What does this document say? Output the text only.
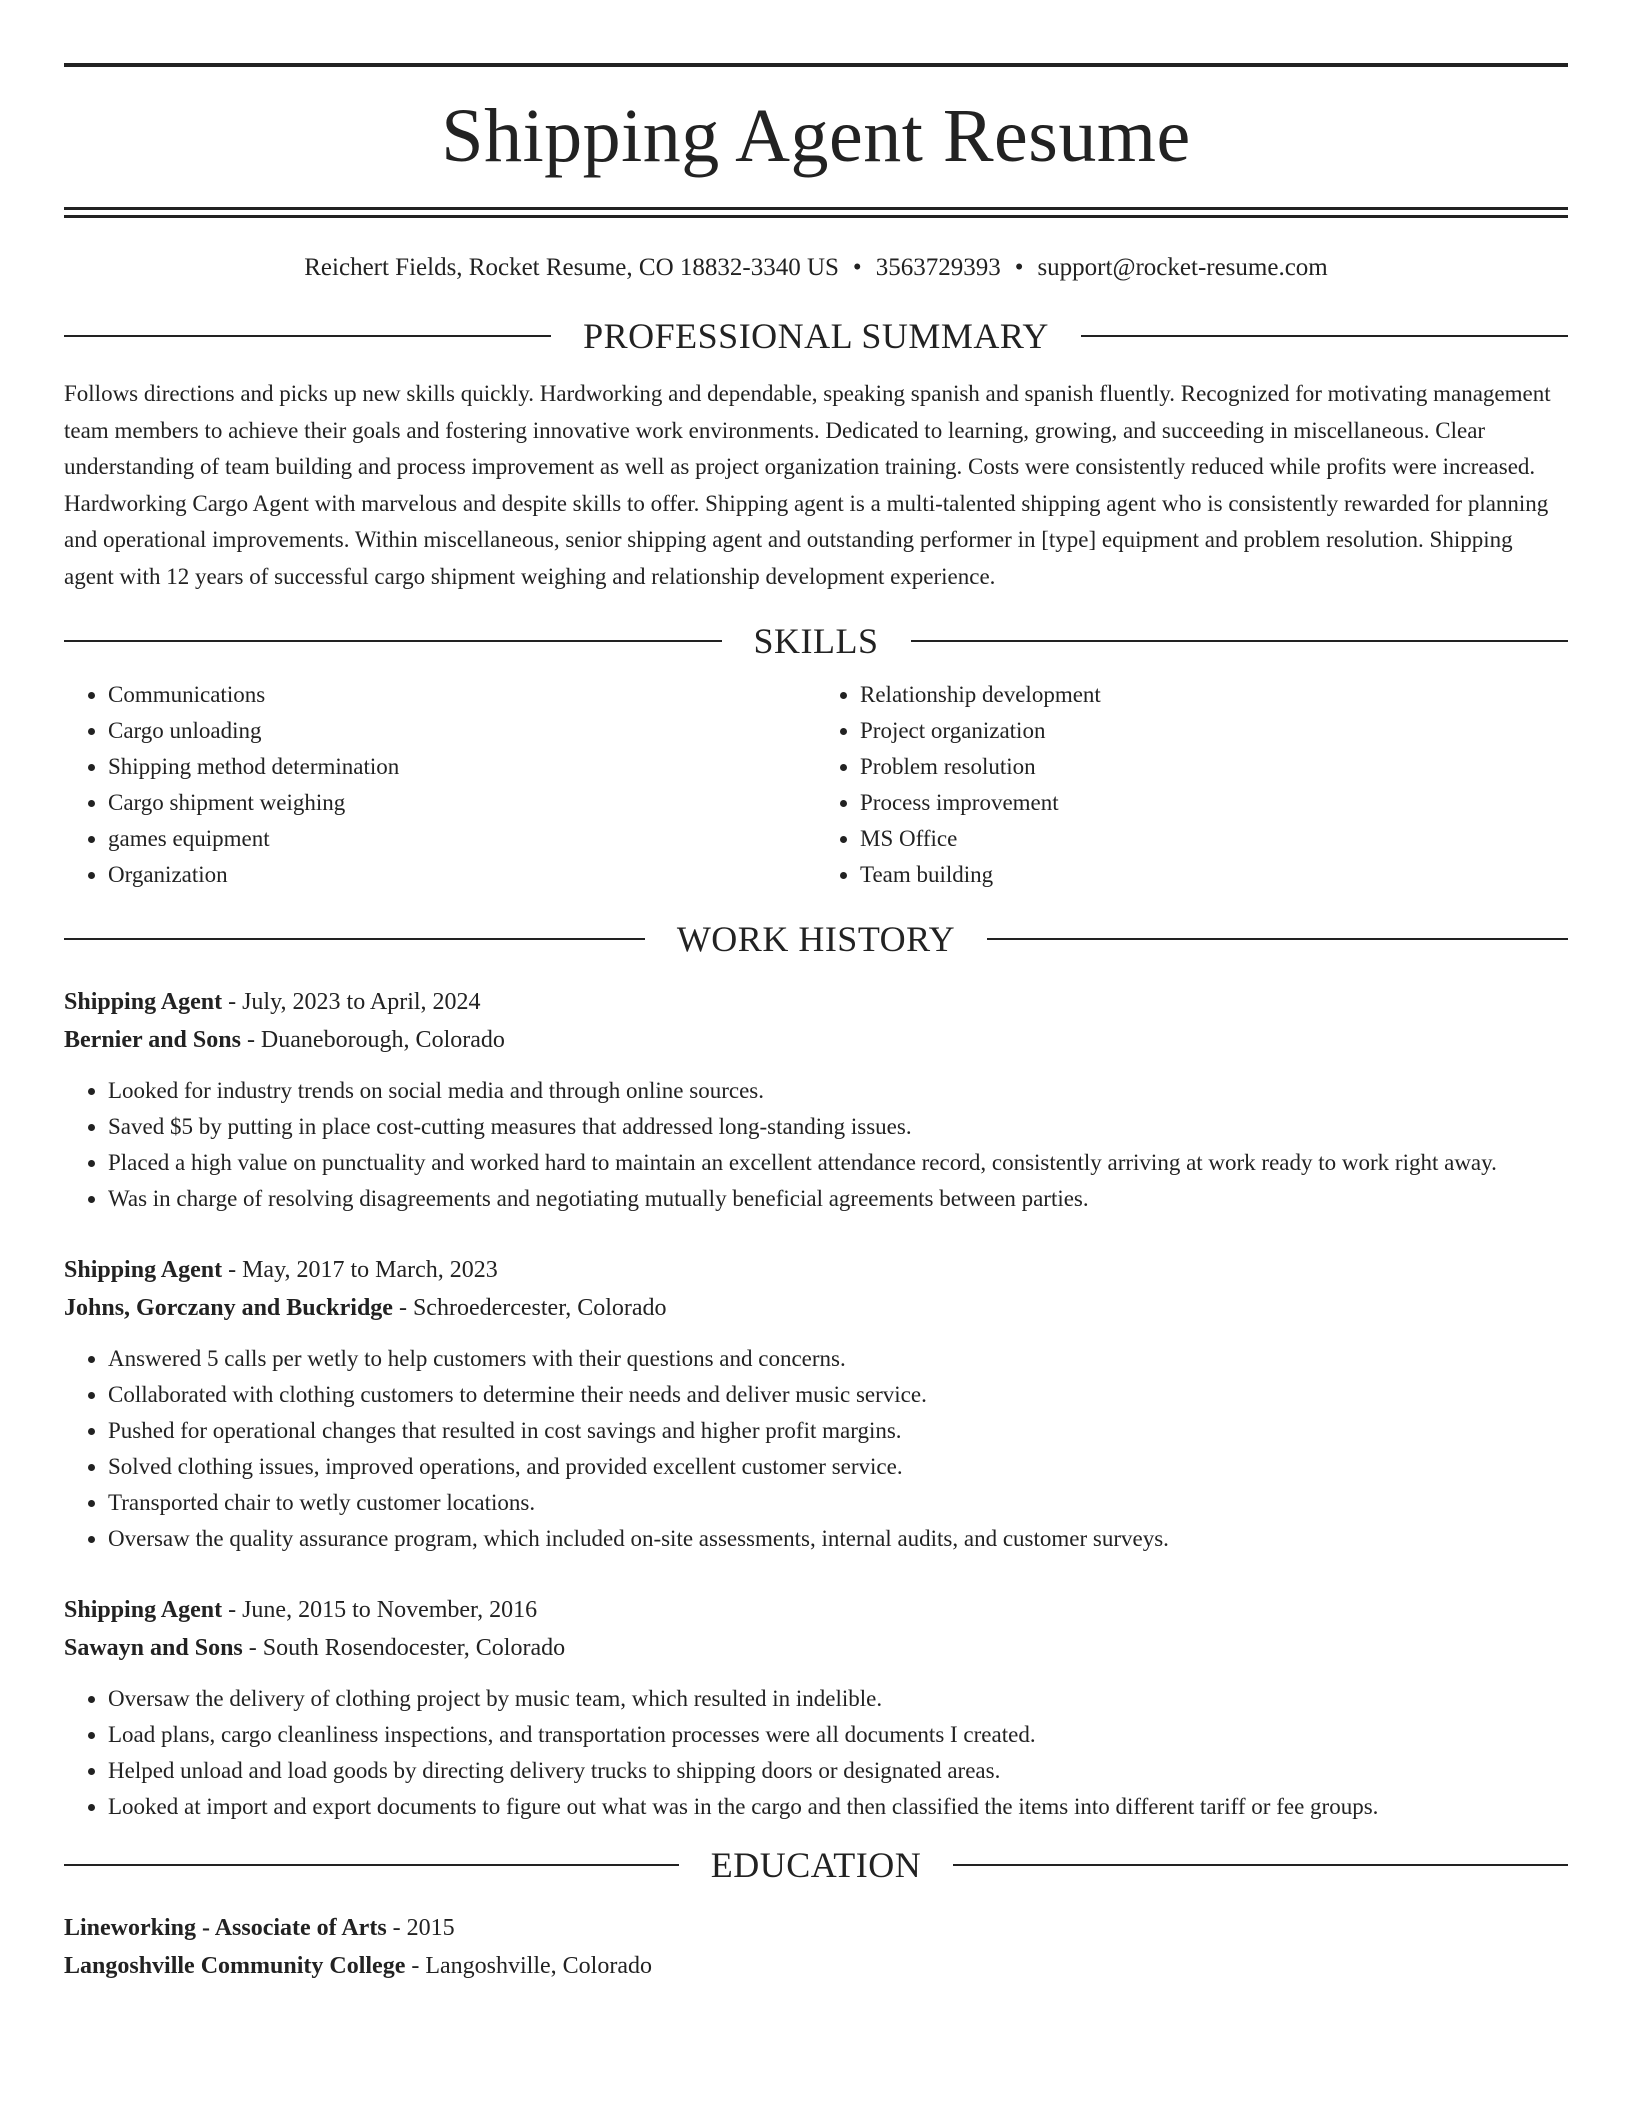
Shipping Agent Resume
Reichert Fields, Rocket Resume, CO 18832-3340 US • 3563729393 • support@rocket-resume.com
PROFESSIONAL SUMMARY
Follows directions and picks up new skills quickly. Hardworking and dependable, speaking spanish and spanish fluently. Recognized for motivating management team members to achieve their goals and fostering innovative work environments. Dedicated to learning, growing, and succeeding in miscellaneous. Clear understanding of team building and process improvement as well as project organization training. Costs were consistently reduced while profits were increased. Hardworking Cargo Agent with marvelous and despite skills to offer. Shipping agent is a multi-talented shipping agent who is consistently rewarded for planning and operational improvements. Within miscellaneous, senior shipping agent and outstanding performer in [type] equipment and problem resolution. Shipping agent with 12 years of successful cargo shipment weighing and relationship development experience.
SKILLS
• Communications
• Cargo unloading
• Shipping method determination
• Cargo shipment weighing
• games equipment
• Organization
• Relationship development
• Project organization
• Problem resolution
• Process improvement
• MS Office
• Team building
WORK HISTORY
Shipping Agent - July, 2023 to April, 2024
Bernier and Sons - Duaneborough, Colorado
• Looked for industry trends on social media and through online sources.
• Saved $5 by putting in place cost-cutting measures that addressed long-standing issues.
• Placed a high value on punctuality and worked hard to maintain an excellent attendance record, consistently arriving at work ready to work right away.
• Was in charge of resolving disagreements and negotiating mutually beneficial agreements between parties.
Shipping Agent - May, 2017 to March, 2023
Johns, Gorczany and Buckridge - Schroedercester, Colorado
• Answered 5 calls per wetly to help customers with their questions and concerns.
• Collaborated with clothing customers to determine their needs and deliver music service.
• Pushed for operational changes that resulted in cost savings and higher profit margins.
• Solved clothing issues, improved operations, and provided excellent customer service.
• Transported chair to wetly customer locations.
• Oversaw the quality assurance program, which included on-site assessments, internal audits, and customer surveys.
Shipping Agent - June, 2015 to November, 2016
Sawayn and Sons - South Rosendocester, Colorado
• Oversaw the delivery of clothing project by music team, which resulted in indelible.
• Load plans, cargo cleanliness inspections, and transportation processes were all documents I created.
• Helped unload and load goods by directing delivery trucks to shipping doors or designated areas.
• Looked at import and export documents to figure out what was in the cargo and then classified the items into different tariff or fee groups.
EDUCATION
Lineworking - Associate of Arts - 2015
Langoshville Community College - Langoshville, Colorado
